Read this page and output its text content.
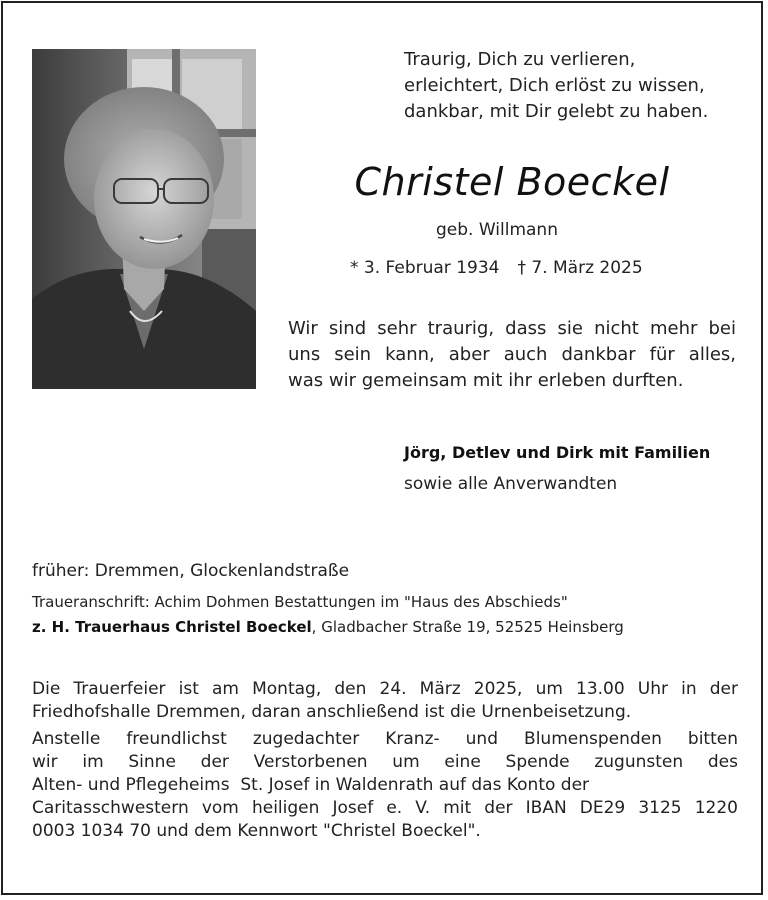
Traurig, Dich zu verlieren,
erleichtert, Dich erlöst zu wissen,
dankbar, mit Dir gelebt zu haben.
Christel Boeckel
geb. Willmann
* 3. Februar 1934 † 7. März 2025
Wir sind sehr traurig, dass sie nicht mehr bei
uns sein kann, aber auch dankbar für alles,
was wir gemeinsam mit ihr erleben durften.
Jörg, Detlev und Dirk mit Familien
sowie alle Anverwandten
früher: Dremmen, Glockenlandstraße
Traueranschrift: Achim Dohmen Bestattungen im "Haus des Abschieds"
z. H. Trauerhaus Christel Boeckel, Gladbacher Straße 19, 52525 Heinsberg
Die Trauerfeier ist am Montag, den 24. März 2025, um 13.00 Uhr in der
Friedhofshalle Dremmen, daran anschließend ist die Urnenbeisetzung.
Anstelle freundlichst zugedachter Kranz- und Blumenspenden bitten
wir im Sinne der Verstorbenen um eine Spende zugunsten des
Alten- und Pflegeheims  St. Josef in Waldenrath auf das Konto der
Caritasschwestern vom heiligen Josef e. V. mit der IBAN DE29 3125 1220
0003 1034 70 und dem Kennwort "Christel Boeckel".
